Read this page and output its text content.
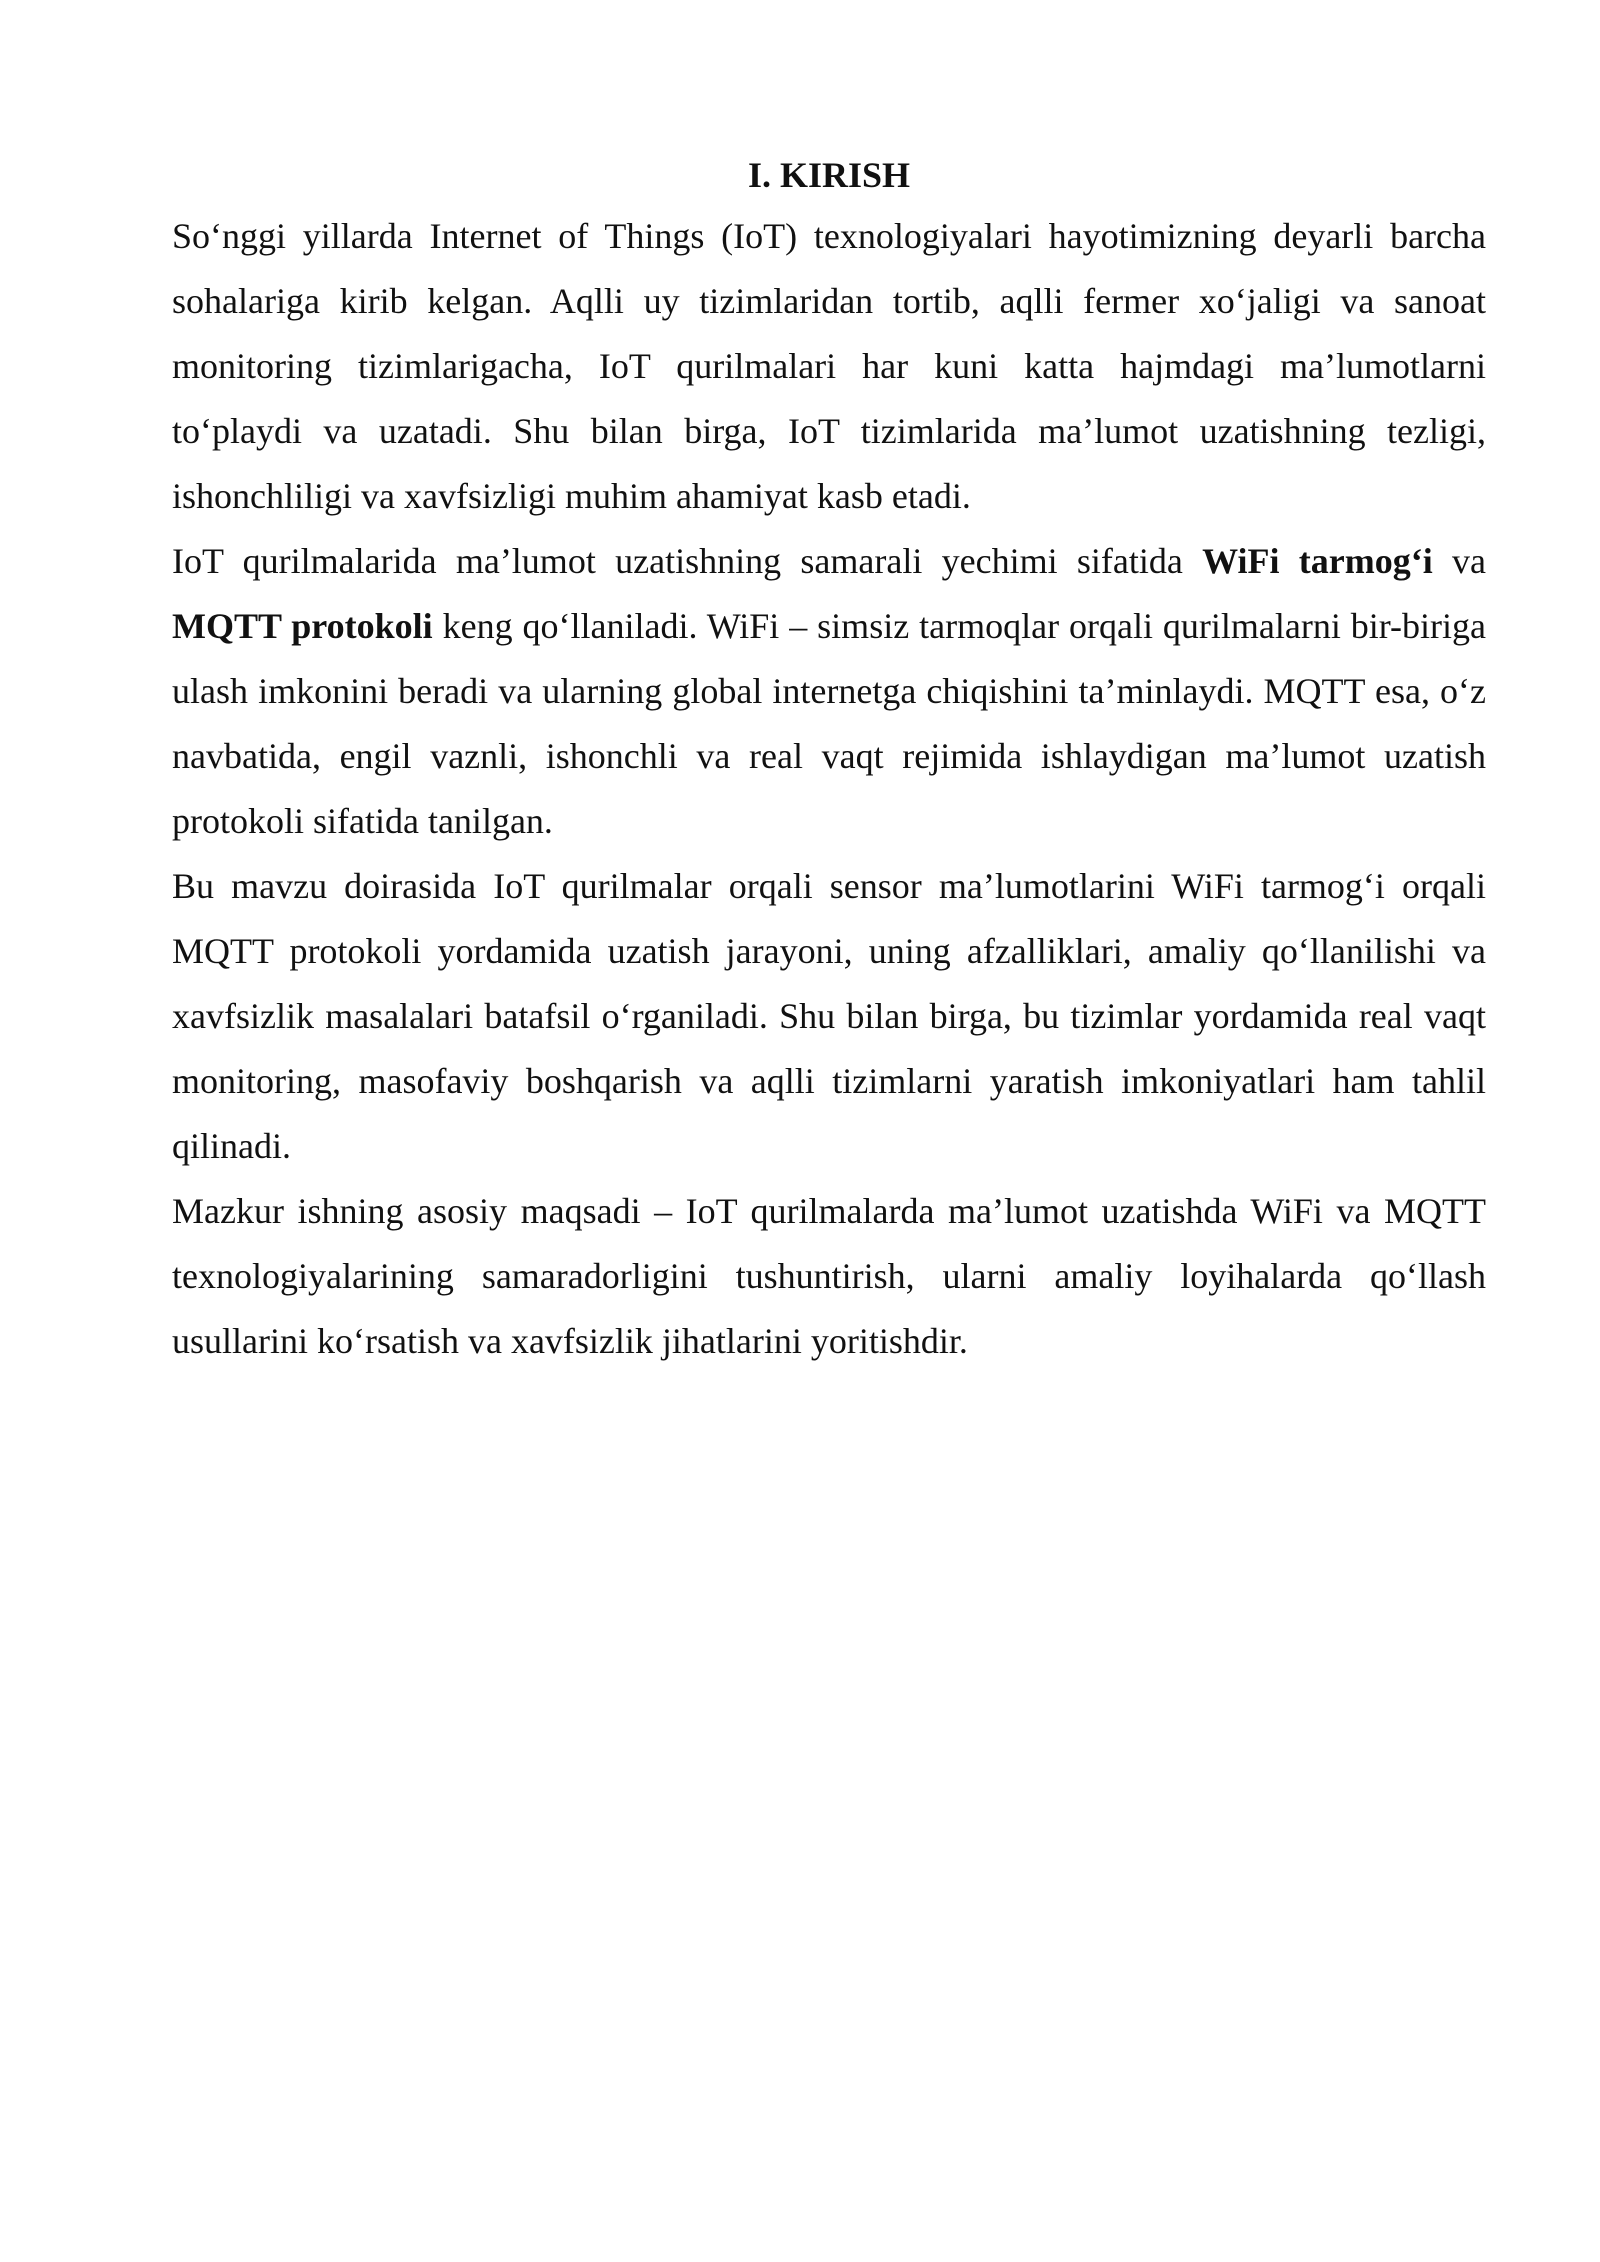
I. KIRISH

So‘nggi yillarda Internet of Things (IoT) texnologiyalari hayotimizning deyarli barcha sohalariga kirib kelgan. Aqlli uy tizimlaridan tortib, aqlli fermer xo‘jaligi va sanoat monitoring tizimlarigacha, IoT qurilmalari har kuni katta hajmdagi ma’lumotlarni to‘playdi va uzatadi. Shu bilan birga, IoT tizimlarida ma’lumot uzatishning tezligi, ishonchliligi va xavfsizligi muhim ahamiyat kasb etadi.

IoT qurilmalarida ma’lumot uzatishning samarali yechimi sifatida WiFi tarmog‘i va MQTT protokoli keng qo‘llaniladi. WiFi – simsiz tarmoqlar orqali qurilmalarni bir-biriga ulash imkonini beradi va ularning global internetga chiqishini ta’minlaydi. MQTT esa, o‘z navbatida, engil vaznli, ishonchli va real vaqt rejimida ishlaydigan ma’lumot uzatish protokoli sifatida tanilgan.

Bu mavzu doirasida IoT qurilmalar orqali sensor ma’lumotlarini WiFi tarmog‘i orqali MQTT protokoli yordamida uzatish jarayoni, uning afzalliklari, amaliy qo‘llanilishi va xavfsizlik masalalari batafsil o‘rganiladi. Shu bilan birga, bu tizimlar yordamida real vaqt monitoring, masofaviy boshqarish va aqlli tizimlarni yaratish imkoniyatlari ham tahlil qilinadi.

Mazkur ishning asosiy maqsadi – IoT qurilmalarda ma’lumot uzatishda WiFi va MQTT texnologiyalarining samaradorligini tushuntirish, ularni amaliy loyihalarda qo‘llash usullarini ko‘rsatish va xavfsizlik jihatlarini yoritishdir.
